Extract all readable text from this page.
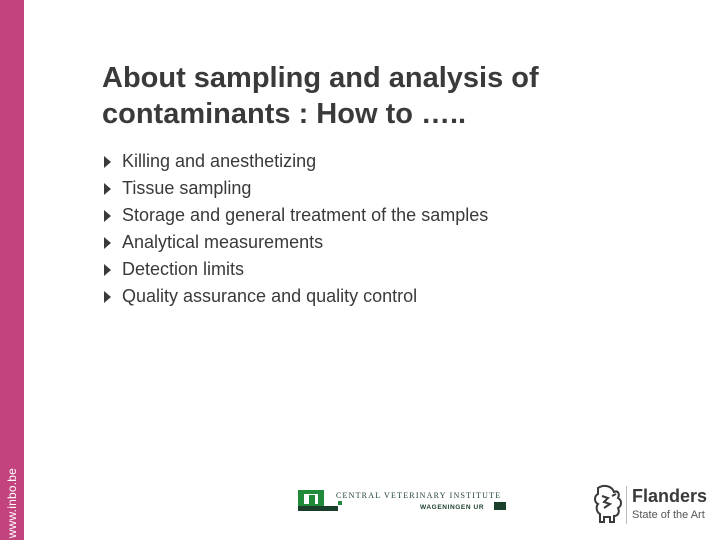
www.inbo.be
About sampling and analysis of
contaminants : How to …..
Killing and anesthetizing
Tissue sampling
Storage and general treatment of the samples
Analytical measurements
Detection limits
Quality assurance and quality control
CENTRAL VETERINARY INSTITUTE
WAGENINGEN UR
Flanders
State of the Art
